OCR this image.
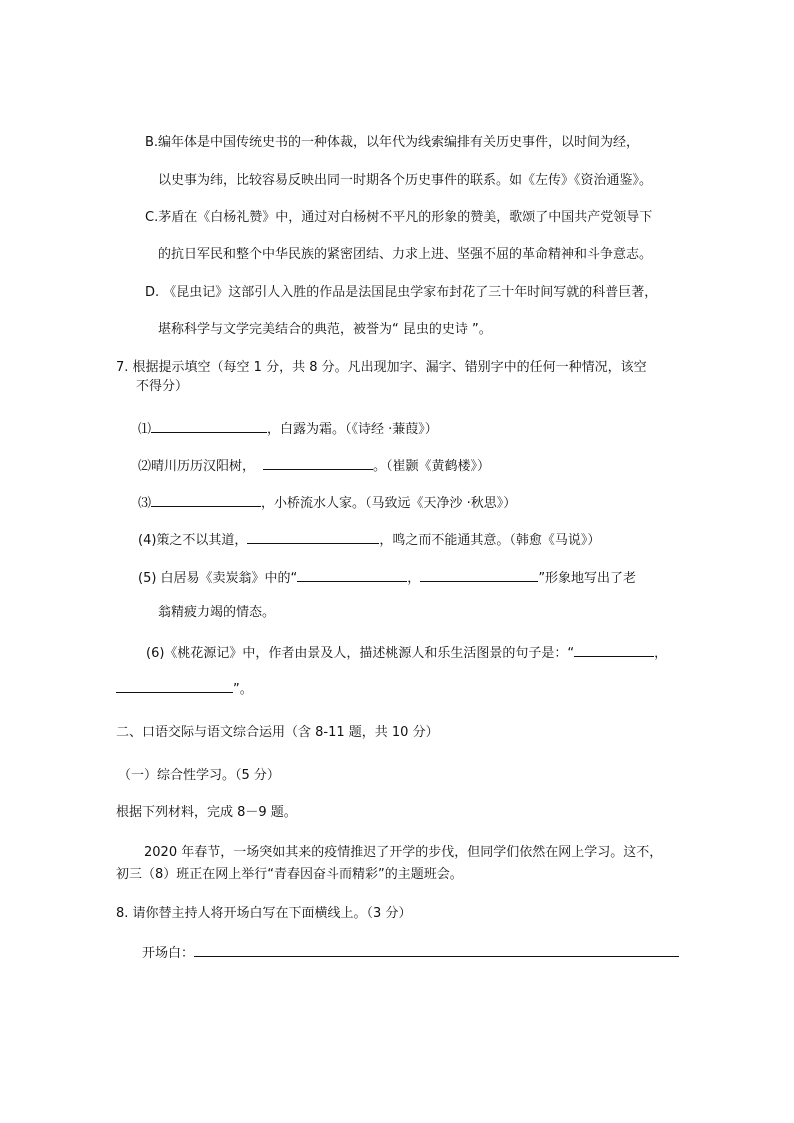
B.编年体是中国传统史书的一种体裁，以年代为线索编排有关历史事件，以时间为经，
以史事为纬，比较容易反映出同一时期各个历史事件的联系。如《左传》《资治通鉴》。
C.茅盾在《白杨礼赞》中，通过对白杨树不平凡的形象的赞美，歌颂了中国共产党领导下
的抗日军民和整个中华民族的紧密团结、力求上进、坚强不屈的革命精神和斗争意志。
D. 《昆虫记》这部引人入胜的作品是法国昆虫学家布封花了三十年时间写就的科普巨著，
堪称科学与文学完美结合的典范，被誉为“ 昆虫的史诗 ”。
7. 根据提示填空（每空 1 分，共 8 分。凡出现加字、漏字、错别字中的任何一种情况，该空
不得分）
⑴	，白露为霜。（《诗经 ·蒹葭》）
⑵晴川历历汉阳树，	。（崔颢《黄鹤楼》）
⑶	，小桥流水人家。（马致远《天净沙 ·秋思》）
(4)策之不以其道，	，鸣之而不能通其意。（韩愈《马说》）
(5) 白居易《卖炭翁》中的“	，	”形象地写出了老
翁精疲力竭的情态。
(6)《桃花源记》中，作者由景及人，描述桃源人和乐生活图景的句子是：“	，
”。
二、口语交际与语文综合运用（含 8-11 题，共 10 分）
（一）综合性学习。（5 分）
根据下列材料，完成 8－9 题。
2020 年春节，一场突如其来的疫情推迟了开学的步伐，但同学们依然在网上学习。这不，
初三（8）班正在网上举行“青春因奋斗而精彩”的主题班会。
8. 请你替主持人将开场白写在下面横线上。（3 分）
开场白：
